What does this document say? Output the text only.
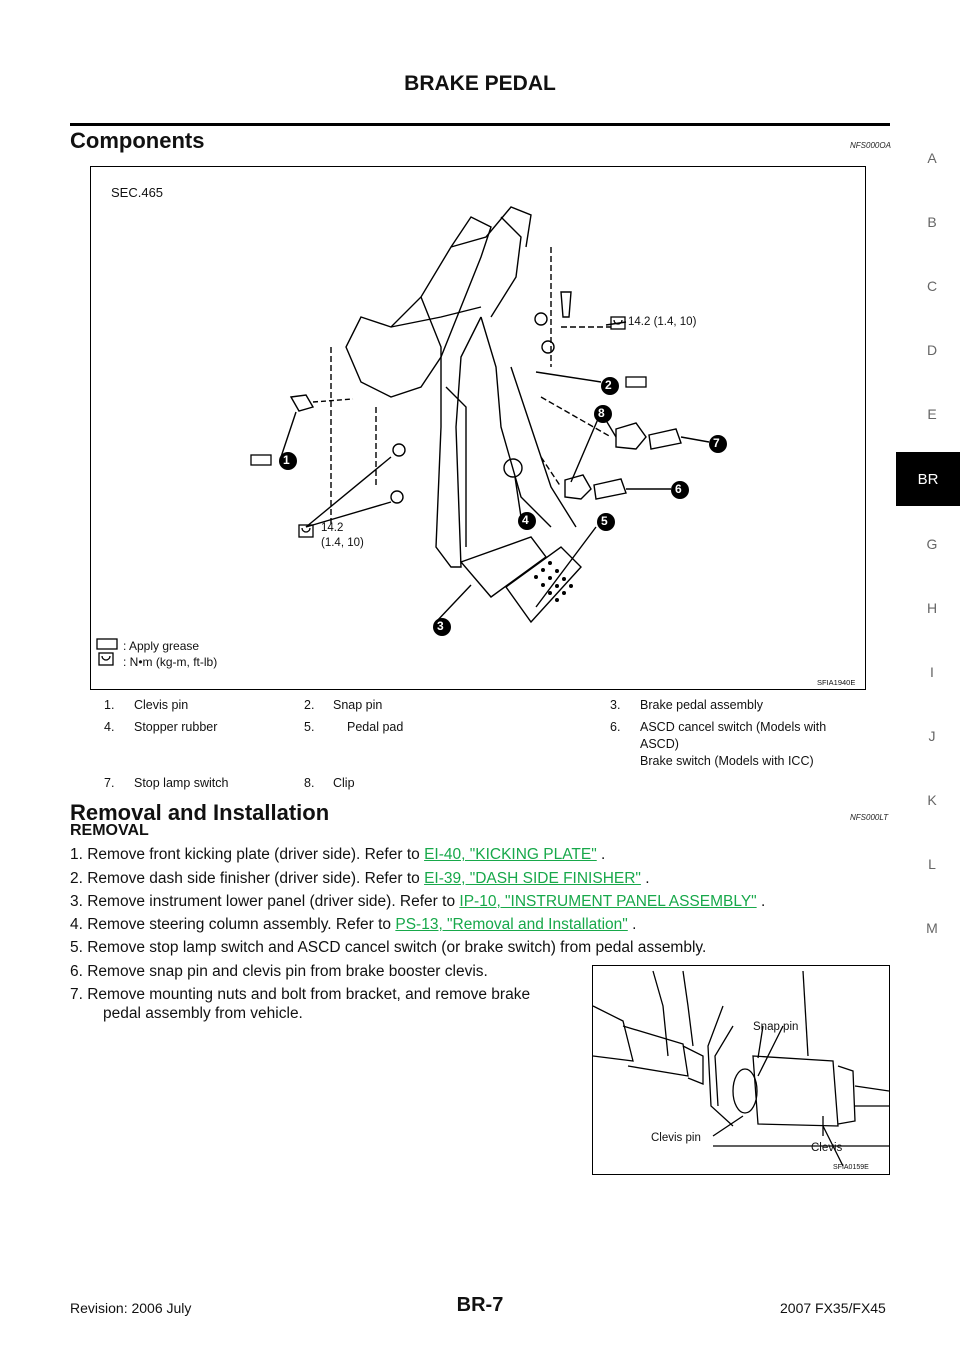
BRAKE PEDAL
A
B
C
D
E
BR
G
H
I
J
K
L
M
Components	NFS000OA
SEC.465
14.2 (1.4, 10)
14.2
(1.4, 10)
1
2
3
4	5
6
7
8
: Apply grease
: N•m (kg-m, ft-lb)
SFIA1940E
1. Clevis pin	2. Snap pin	3. Brake pedal assembly
4. Stopper rubber	5.	Pedal pad	6. ASCD cancel switch (Models with ASCD)
Brake switch (Models with ICC)
7. Stop lamp switch	8. Clip
Removal and Installation	NFS000LT
REMOVAL
1. Remove front kicking plate (driver side). Refer to EI-40, "KICKING PLATE" .
2. Remove dash side finisher (driver side). Refer to EI-39, "DASH SIDE FINISHER" .
3. Remove instrument lower panel (driver side). Refer to IP-10, "INSTRUMENT PANEL ASSEMBLY" .
4. Remove steering column assembly. Refer to PS-13, "Removal and Installation" .
5. Remove stop lamp switch and ASCD cancel switch (or brake switch) from pedal assembly.
6. Remove snap pin and clevis pin from brake booster clevis.
7. Remove mounting nuts and bolt from bracket, and remove brake
pedal assembly from vehicle.
Snap pin
Clevis pin
Clevis
SFIA0159E
Revision: 2006 July	BR-7	2007 FX35/FX45
